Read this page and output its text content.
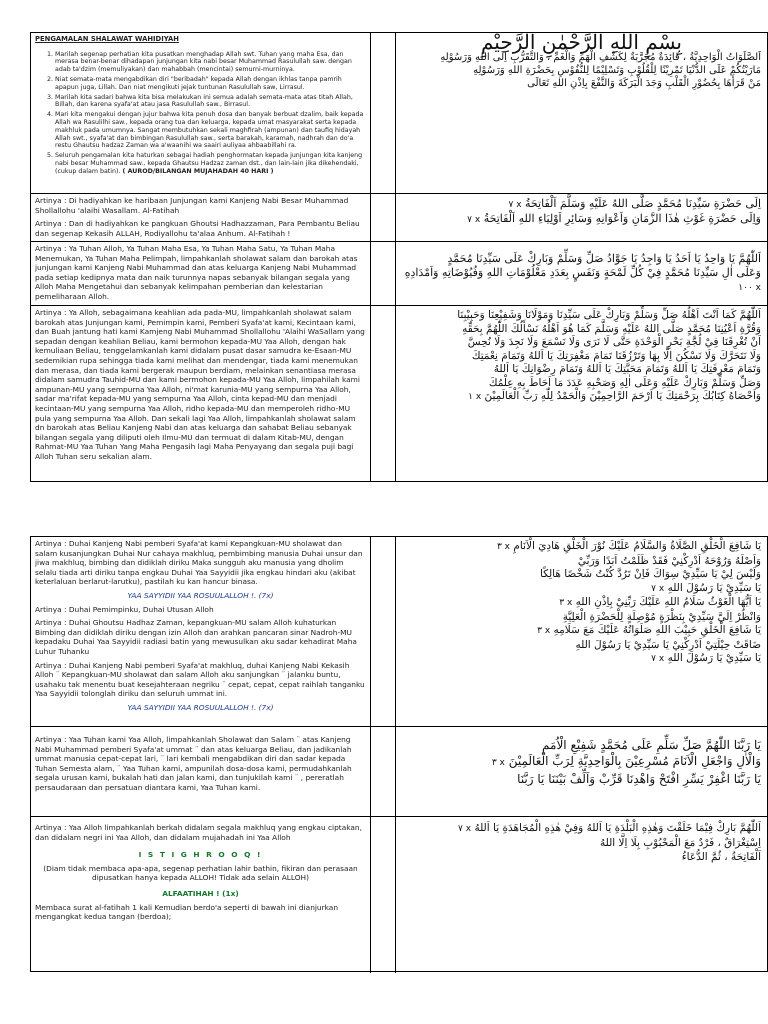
PENGAMALAN SHALAWAT WAHIDIYAH
1. Marilah segenap perhatian kita pusatkan menghadap Allah swt. Tuhan yang maha Esa, dan merasa benar-benar dihadapan junjungan kita nabi besar Muhammad Rasulullah saw. dengan adab ta'dzim (memuliyakan) dan mahabbah (mencintai) semurni-murninya.
2. Niat semata-mata mengabdikan diri "beribadah" kepada Allah dengan ikhlas tanpa pamrih apapun juga, Lillah. Dan niat mengikuti jejak tuntunan Rasulullah saw, Lirrasul.
3. Marilah kita sadari bahwa kita bisa melakukan ini semua adalah semata-mata atas titah Allah, Billah, dan karena syafa'at atau jasa Rasulullah saw., Birrasul.
4. Mari kita mengakui dengan jujur bahwa kita penuh dosa dan banyak berbuat dzalim, baik kepada Allah wa Rasulilhi saw., kepada orang tua dan keluarga, kepada umat masyarakat serta kepada makhluk pada umumnya. Sangat membutuhkan sekali maghfirah (ampunan) dan taufiq hidayah Allah swt., syafa'at dan bimbingan Rasulullah saw., serta barakah, karamah, nadhrah dan do'a restu Ghautsu hadzaz Zaman wa a'waanihi wa saairi auliyaa ahbaabillahi ra.
5. Seluruh pengamalan kita haturkan sebagai hadiah penghormatan kepada junjungan kita kanjeng nabi besar Muhammad saw., kepada Ghautsu Hadzaz zaman dst., dan lain-lain jika dikehendaki, (cukup dalam batin). ( AUROD/BILANGAN MUJAHADAH 40 HARI )
بِسْمِ اللهِ الرَّحْمٰنِ الرَّحِيْمِ
اَلصَّلَوَاتُ الْوَاحِدِيَّةُ ، فَائِدَةٌ مُجَرَّبَةٌ لِكَشْفِ الْهَمِّ وَالْغَمِّ ، وَالتَّقَرُّبِ اِلَى اللهِ وَرَسُوْلِهِ
مَارَيْتُكُمْ عَلَى الدُّنْيَا تَمْرِيْنًا لِلْقُلُوْبِ وَتَسْلِيْمًا لِلنُّفُوْسِ بِحَضْرَةِ اللهِ وَرَسُوْلِهِ
مَنْ قَرَأَهَا بِحُضُوْرِ الْقَلْبِ وَجَدَ الْبَرَكَةَ وَالنَّفْعَ بِاِذْنِ اللهِ تَعَالَى

Artinya : Di hadiyahkan ke haribaan Junjungan kami Kanjeng Nabi Besar Muhammad Shollallohu 'alaihi Wasallam. Al-Fatihah

Artinya : Dan di hadiyahkan ke pangkuan Ghoutsi Hadhazzaman, Para Pembantu Beliau dan segenap Kekasih ALLAH, Rodiyallohu ta'alaa Anhum. Al-Fatihah !

اِلَى حَضْرَةِ سَيِّدِنَا مُحَمَّدٍ صَلَّى اللهُ عَلَيْهِ وَسَلَّمَ اَلْفَاتِحَةُ x ٧
وَاِلَى حَضْرَةِ غَوْثِ هٰذَا الزَّمَانِ وَاَعْوَانِهِ وَسَائِرِ اَوْلِيَاءِ اللهِ اَلْفَاتِحَةُ x ٧

Artinya : Ya Tuhan Alloh, Ya Tuhan Maha Esa, Ya Tuhan Maha Satu, Ya Tuhan Maha Menemukan, Ya Tuhan Maha Pelimpah, limpahkanlah sholawat salam dan barokah atas junjungan kami Kanjeng Nabi Muhammad dan atas keluarga Kanjeng Nabi Muhammad pada setiap kedipnya mata dan naik turunnya napas sebanyak bilangan segala yang Alloh Maha Mengetahui dan sebanyak kelimpahan pemberian dan kelestarian pemeliharaan Alloh.

اَللّٰهُمَّ يَا وَاحِدُ يَا اَحَدُ يَا وَاجِدُ يَا جَوَّادُ صَلِّ وَسَلِّمْ وَبَارِكْ عَلَى سَيِّدِنَا مُحَمَّدٍ
وَعَلَى اٰلِ سَيِّدِنَا مُحَمَّدٍ فِيْ كُلِّ لَمْحَةٍ وَنَفَسٍ بِعَدَدِ مَعْلُوْمَاتِ اللهِ وَفُيُوْضَاتِهِ وَاَمْدَادِهِ x ١٠٠

Artinya : Ya Alloh, sebagaimana keahlian ada pada-MU, limpahkanlah sholawat salam barokah atas Junjungan kami, Pemimpin kami, Pemberi Syafa'at kami, Kecintaan kami, dan Buah jantung hati kami Kamjeng Nabi Muhammad Shollallohu 'Alaihi WaSallam yang sepadan dengan keahlian Beliau, kami bermohon kepada-MU Yaa Alloh, dengan hak kemuliaan Beliau, tenggelamkanlah kami didalam pusat dasar samudra ke-Esaan-MU sedemikian rupa sehingga tiada kami melihat dan mendengar, tiada kami menemukan dan merasa, dan tiada kami bergerak maupun berdiam, melainkan senantiasa merasa didalam samudra Tauhid-MU dan kami bermohon kepada-MU Yaa Alloh, limpahilah kami ampunan-MU yang sempurna Yaa Alloh, ni'mat karunia-MU yang sempurna Yaa Alloh, sadar ma'rifat kepada-MU yang sempurna Yaa Alloh, cinta kepad-MU dan menjadi kecintaan-MU yang sempurna Yaa Alloh, ridho kepada-MU dan memperoleh ridho-MU pula yang sempurna Yaa Alloh. Dan sekali lagi Yaa Alloh, limpahkanlah sholawat salam dn barokah atas Beliau Kanjeng Nabi dan atas keluarga dan sahabat Beliau sebanyak bilangan segala yang diliputi oleh Ilmu-MU dan termuat di dalam Kitab-MU, dengan Rahmat-MU Yaa Tuhan Yang Maha Pengasih lagi Maha Penyayang dan segala puji bagi Alloh Tuhan seru sekalian alam.

اَللّٰهُمَّ كَمَا اَنْتَ اَهْلُهُ صَلِّ وَسَلِّمْ وَبَارِكْ عَلَى سَيِّدِنَا وَمَوْلَانَا وَشَفِيْعِنَا وَحَبِيْبِنَا
وَقُرَّةِ اَعْيُنِنَا مُحَمَّدٍ صَلَّى اللهُ عَلَيْهِ وَسَلَّمَ كَمَا هُوَ اَهْلُهُ نَسْأَلُكَ اللّٰهُمَّ بِحَقِّهِ
اَنْ تُغْرِقَنَا فِيْ لُجَّةِ بَحْرِ الْوَحْدَةِ حَتَّى لَا نَرَى وَلَا نَسْمَعَ وَلَا نَجِدَ وَلَا نُحِسَّ
وَلَا نَتَحَرَّكَ وَلَا نَسْكُنَ اِلَّا بِهَا وَتَرْزُقَنَا تَمَامَ مَغْفِرَتِكَ يَا اَللهُ وَتَمَامَ نِعْمَتِكَ
وَتَمَامَ مَعْرِفَتِكَ يَا اَللهُ وَتَمَامَ مَحَبَّتِكَ يَا اَللهُ وَتَمَامَ رِضْوَانِكَ يَا اَللهُ
وَصَلِّ وَسَلِّمْ وَبَارِكْ عَلَيْهِ وَعَلَى اٰلِهِ وَصَحْبِهِ عَدَدَ مَا اَحَاطَ بِهِ عِلْمُكَ
وَاَحْصَاهُ كِتَابُكَ بِرَحْمَتِكَ يَا اَرْحَمَ الرَّاحِمِيْنَ وَالْحَمْدُ لِلّٰهِ رَبِّ الْعَالَمِيْنَ x ١

Artinya : Duhai Kanjeng Nabi pemberi Syafa'at kami Kepangkuan-MU sholawat dan salam kusanjungkan Duhai Nur cahaya makhluq, pembimbing manusia Duhai unsur dan jiwa makhluq, bimbing dan didiklah diriku Maka sungguh aku manusia yang dholim selalu tiada arti diriku tanpa engkau Duhai Yaa Sayyidii jika engkau hindari aku (akibat keterlaluan berlarut-larutku), pastilah ku kan hancur binasa.

YAA SAYYIDII YAA ROSUULALLOH !. (7x)

Artinya : Duhai Pemimpinku, Duhai Utusan Alloh

Artinya : Duhai Ghoutsu Hadhaz Zaman, kepangkuan-MU salam Alloh kuhaturkan Bimbing dan didiklah diriku dengan izin Alloh dan arahkan pancaran sinar Nadroh-MU kepadaku Duhai Yaa Sayyidii radiasi batin yang mewusulkan aku sadar kehadirat Maha Luhur Tuhanku

Artinya : Duhai Kanjeng Nabi pemberi Syafa'at makhluq, duhai Kanjeng Nabi Kekasih Alloh ¨ Kepangkuan-MU sholawat dan salam Alloh aku sanjungkan ¨ jalanku buntu, usahaku tak menentu buat kesejahteraan negriku ¨ cepat, cepat, cepat raihlah tanganku Yaa Sayyidii tolonglah diriku dan seluruh ummat ini.

YAA SAYYIDII YAA ROSUULALLOH !. (7x)

يَا شَافِعَ الْخَلْقِ الصَّلَاةُ وَالسَّلَامُ عَلَيْكَ نُوْرَ الْخَلْقِ هَادِيَ الْاَنَامِ x ٣
وَاَصْلَهُ وَرُوْحَهُ اَدْرِكْنِيْ فَقَدْ ظَلَمْتُ اَبَدًا وَرَبِّيْ
وَلَيْسَ لِيْ يَا سَيِّدِيْ سِوَاكَ فَاِنْ تَرُدَّ كُنْتُ شَخْصًا هَالِكًا
يَا سَيِّدِيْ يَا رَسُوْلَ اللهِ x ٧
يَا اَيُّهَا الْغَوْثُ سَلَامُ اللهِ عَلَيْكَ رَبِّنِيْ بِاِذْنِ اللهِ x ٣
وَانْظُرْ اِلَيَّ سَيِّدِيْ بِنَظْرَةٍ مُوْصِلَةٍ لِلْحَضْرَةِ الْعَلِيَّةِ
يَا شَافِعَ الْخَلْقِ حَبِيْبَ اللهِ صَلَوَاتُهُ عَلَيْكَ مَعَ سَلَامِهِ x ٣
ضَاقَتْ حِيْلَتِيْ اَدْرِكْنِيْ يَا سَيِّدِيْ يَا رَسُوْلَ اللهِ
يَا سَيِّدِيْ يَا رَسُوْلَ اللهِ x ٧

Artinya : Yaa Tuhan kami Yaa Alloh, limpahkanlah Sholawat dan Salam ¨ atas Kanjeng Nabi Muhammad pemberi Syafa'at ummat ¨ dan atas keluarga Beliau, dan jadikanlah ummat manusia cepat-cepat lari, ¨ lari kembali mengabdikan diri dan sadar kepada Tuhan Semesta alam, ¨ Yaa Tuhan kami, ampunilah dosa-dosa kami, permudahkanlah segala urusan kami, bukalah hati dan jalan kami, dan tunjukilah kami ¨ , pereratlah persaudaraan dan persatuan diantara kami, Yaa Tuhan kami.

يَا رَبَّنَا اللّٰهُمَّ صَلِّ سَلِّمِ عَلَى مُحَمَّدٍ شَفِيْعِ الْاُمَمِ
وَالْاٰلِ وَاجْعَلِ الْاَنَامَ مُسْرِعِيْنَ بِالْوَاحِدِيَّةِ لِرَبِّ الْعَالَمِيْنَ x ٣
يَا رَبَّنَا اغْفِرْ يَسِّرِ افْتَحْ وَاهْدِنَا قَرِّبْ وَاَلِّفْ بَيْنَنَا يَا رَبَّنَا

Artinya : Yaa Alloh limpahkanlah berkah didalam segala makhluq yang engkau ciptakan, dan didalam negri ini Yaa Alloh, dan didalam mujahadah ini Yaa Alloh

I S T I G H R O O Q !

(Diam tidak membaca apa-apa, segenap perhatian lahir bathin, fikiran dan perasaan dipusatkan hanya kepada ALLOH! Tidak ada selain ALLOH)

ALFAATIHAH ! (1x)

Membaca surat al-fatihah 1 kali Kemudian berdo'a seperti di bawah ini dianjurkan mengangkat kedua tangan (berdoa);

اَللّٰهُمَّ بَارِكْ فِيْمَا خَلَقْتَ وَهٰذِهِ الْبَلْدَةِ يَا اَللهُ وَفِيْ هٰذِهِ الْمُجَاهَدَةِ يَا اَللهُ x ٧
اِسْتِغْرَاقٌ ، فَرْدٌ مَعَ الْمَحْبُوْبِ بِلَا اِلَّا اللهُ
اَلْفَاتِحَةُ ، ثُمَّ الدُّعَاءُ
